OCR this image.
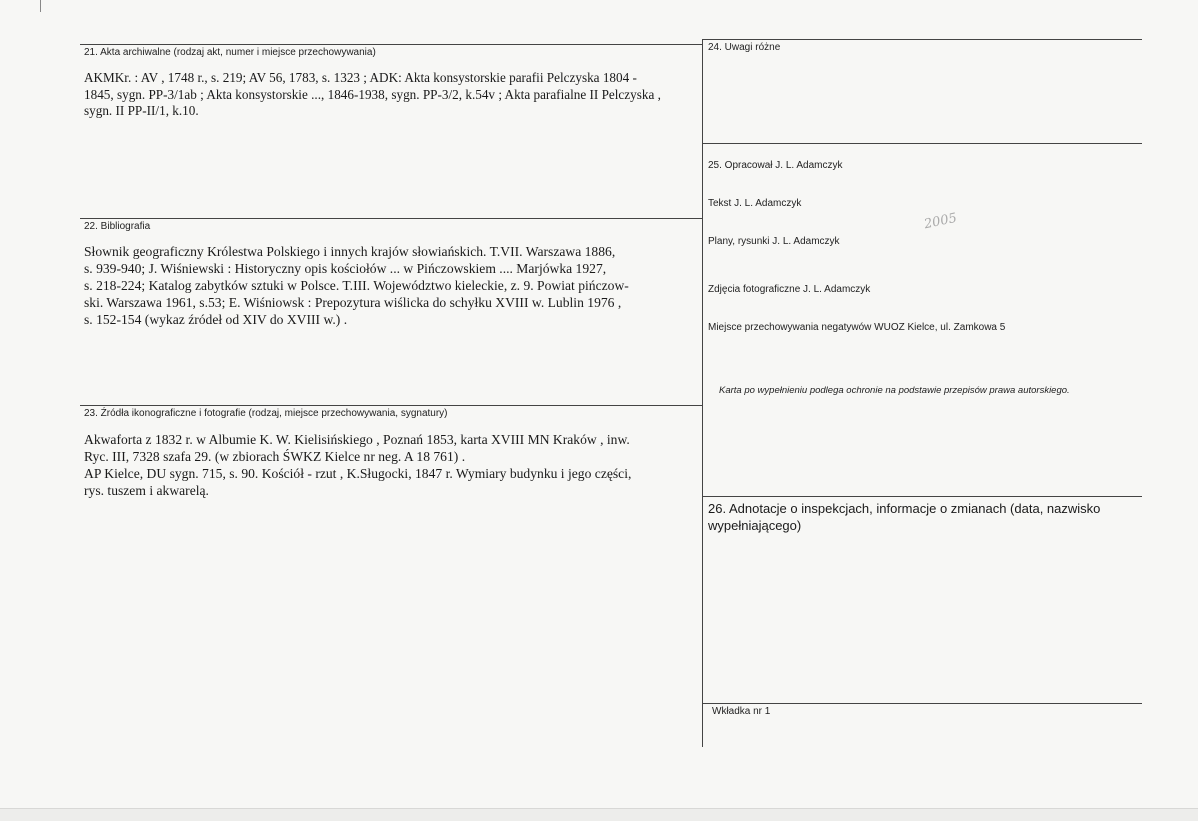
21. Akta archiwalne (rodzaj akt, numer i miejsce przechowywania)
AKMKr. : AV , 1748 r., s. 219; AV 56, 1783, s. 1323 ; ADK: Akta konsystorskie parafii Pelczyska 1804 -
1845, sygn. PP-3/1ab ; Akta konsystorskie ..., 1846-1938, sygn. PP-3/2, k.54v ; Akta parafialne II Pelczyska ,
sygn. II PP-II/1, k.10.
22. Bibliografia
Słownik geograficzny Królestwa Polskiego i innych krajów słowiańskich. T.VII. Warszawa 1886,
s. 939-940; J. Wiśniewski : Historyczny opis kościołów ... w Pińczowskiem .... Marjówka 1927,
s. 218-224; Katalog zabytków sztuki w Polsce. T.III. Województwo kieleckie, z. 9. Powiat pińczow-
ski. Warszawa 1961, s.53; E. Wiśniowsk : Prepozytura wiślicka do schyłku XVIII w. Lublin 1976 ,
s. 152-154 (wykaz źródeł od XIV do XVIII w.) .
23. Źródła ikonograficzne i fotografie (rodzaj, miejsce przechowywania, sygnatury)
Akwaforta z 1832 r. w Albumie K. W. Kielisińskiego , Poznań 1853, karta XVIII MN Kraków , inw.
Ryc. III, 7328 szafa 29. (w zbiorach ŚWKZ Kielce nr neg. A 18 761) .
AP Kielce, DU sygn. 715, s. 90. Kościół - rzut , K.Sługocki, 1847 r. Wymiary budynku i jego części,
rys. tuszem i akwarelą.
24. Uwagi różne
25. Opracował J. L. Adamczyk
Tekst J. L. Adamczyk
Plany, rysunki J. L. Adamczyk
Zdjęcia fotograficzne J. L. Adamczyk
Miejsce przechowywania negatywów WUOZ Kielce, ul. Zamkowa 5
Karta po wypełnieniu podlega ochronie na podstawie przepisów prawa autorskiego.
2005
26. Adnotacje o inspekcjach, informacje o zmianach (data, nazwisko wypełniającego)
Wkładka nr 1
